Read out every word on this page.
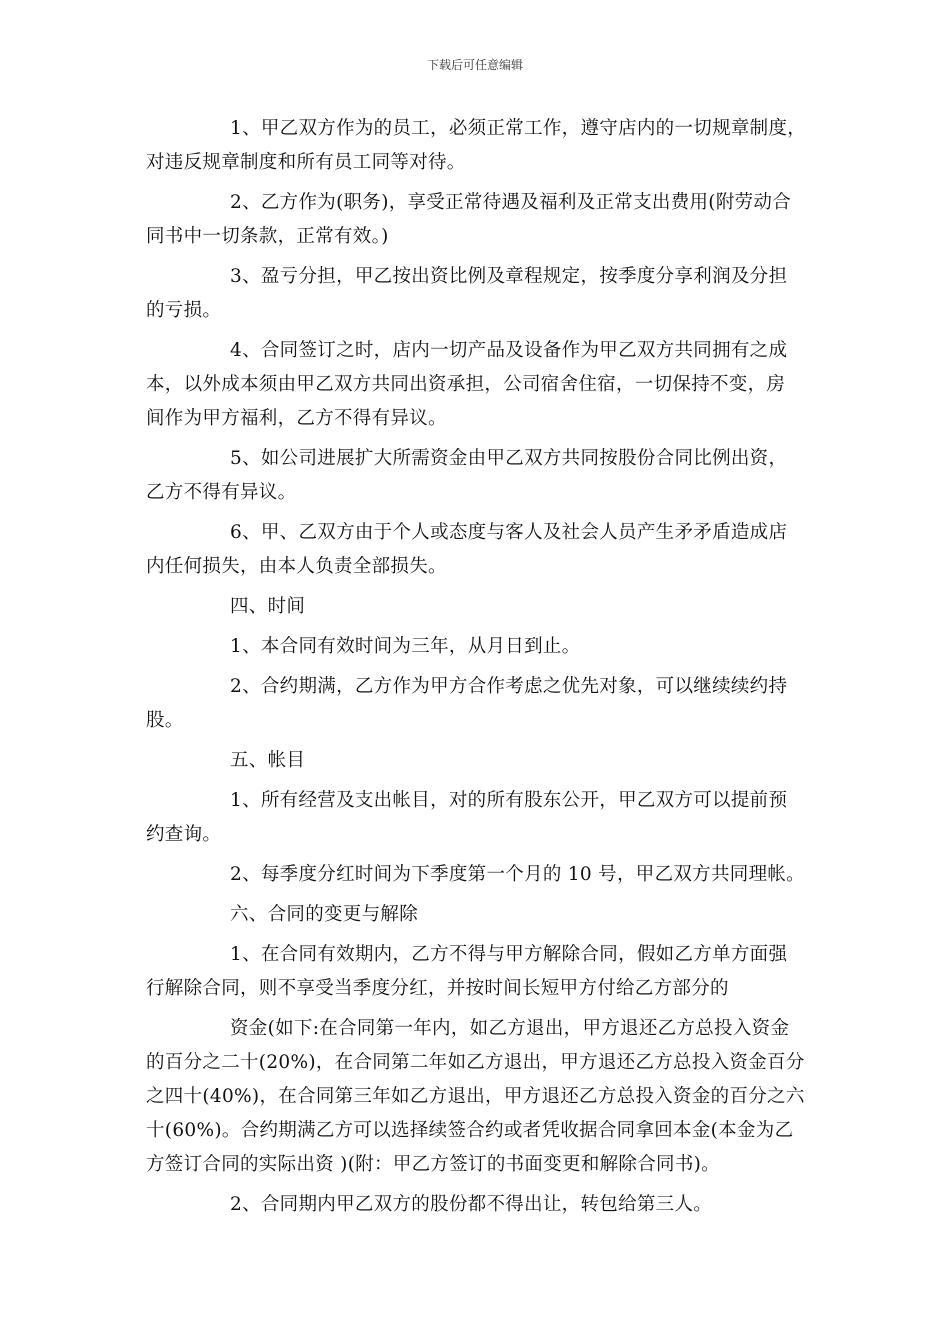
下载后可任意编辑
1、甲乙双方作为的员工，必须正常工作，遵守店内的一切规章制度，
对违反规章制度和所有员工同等对待。
2、乙方作为(职务)，享受正常待遇及福利及正常支出费用(附劳动合
同书中一切条款，正常有效。)
3、盈亏分担，甲乙按出资比例及章程规定，按季度分享利润及分担
的亏损。
4、合同签订之时，店内一切产品及设备作为甲乙双方共同拥有之成
本，以外成本须由甲乙双方共同出资承担，公司宿舍住宿，一切保持不变，房
间作为甲方福利，乙方不得有异议。
5、如公司进展扩大所需资金由甲乙双方共同按股份合同比例出资，
乙方不得有异议。
6、甲、乙双方由于个人或态度与客人及社会人员产生矛矛盾造成店
内任何损失，由本人负责全部损失。
四、时间
1、本合同有效时间为三年，从月日到止。
2、合约期满，乙方作为甲方合作考虑之优先对象，可以继续续约持
股。
五、帐目
1、所有经营及支出帐目，对的所有股东公开，甲乙双方可以提前预
约查询。
2、每季度分红时间为下季度第一个月的 10 号，甲乙双方共同理帐。
六、合同的变更与解除
1、在合同有效期内，乙方不得与甲方解除合同，假如乙方单方面强
行解除合同，则不享受当季度分红，并按时间长短甲方付给乙方部分的
资金(如下:在合同第一年内，如乙方退出，甲方退还乙方总投入资金
的百分之二十(20%)，在合同第二年如乙方退出，甲方退还乙方总投入资金百分
之四十(40%)，在合同第三年如乙方退出，甲方退还乙方总投入资金的百分之六
十(60%)。合约期满乙方可以选择续签合约或者凭收据合同拿回本金(本金为乙
方签订合同的实际出资 )(附：甲乙方签订的书面变更和解除合同书)。
2、合同期内甲乙双方的股份都不得出让，转包给第三人。
